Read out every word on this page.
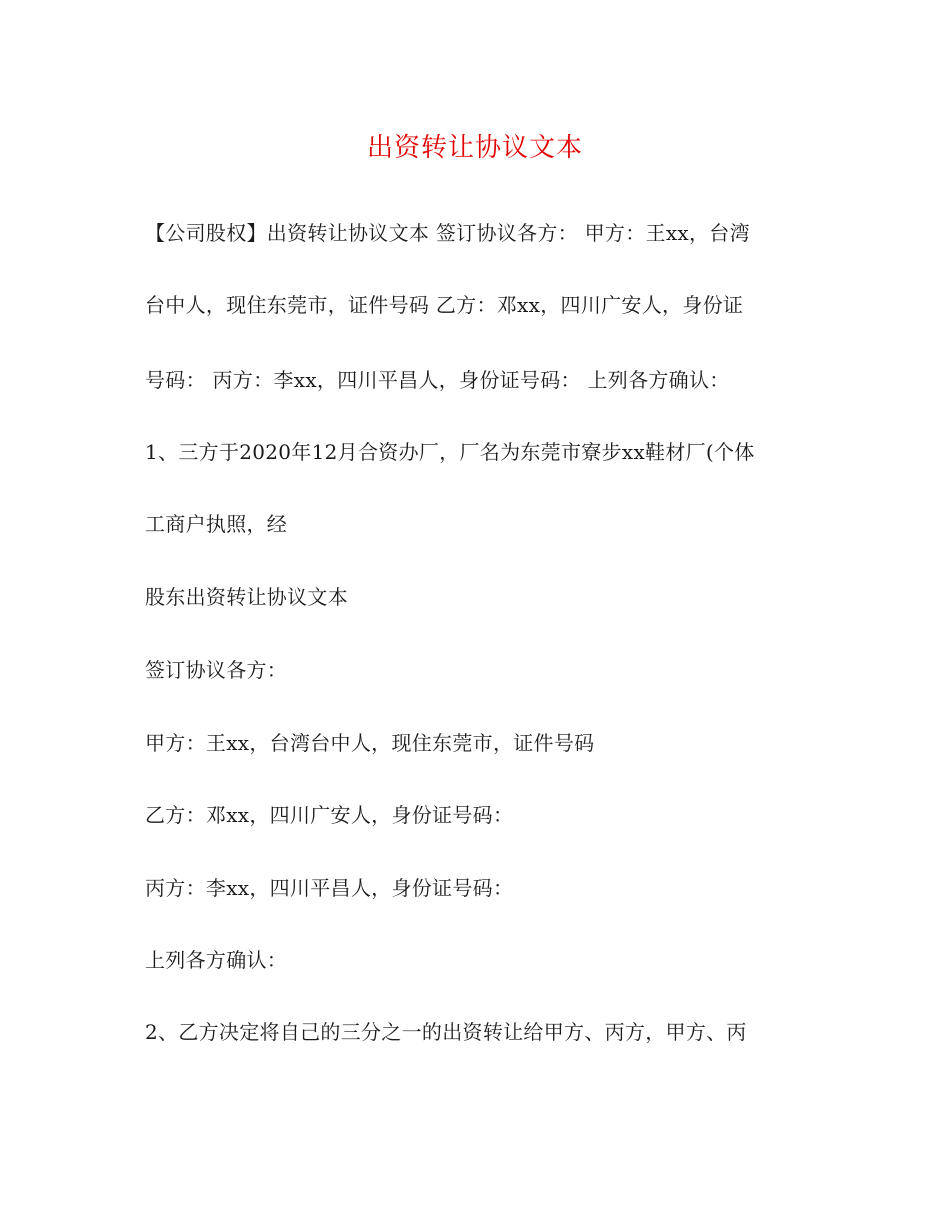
出资转让协议文本

【公司股权】出资转让协议文本 签订协议各方： 甲方：王xx，台湾

台中人，现住东莞市，证件号码 乙方：邓xx，四川广安人，身份证

号码： 丙方：李xx，四川平昌人，身份证号码： 上列各方确认：

1、三方于2020年12月合资办厂，厂名为东莞市寮步xx鞋材厂(个体

工商户执照，经

股东出资转让协议文本

签订协议各方：

甲方：王xx，台湾台中人，现住东莞市，证件号码

乙方：邓xx，四川广安人，身份证号码：

丙方：李xx，四川平昌人，身份证号码：

上列各方确认：

2、乙方决定将自己的三分之一的出资转让给甲方、丙方，甲方、丙
